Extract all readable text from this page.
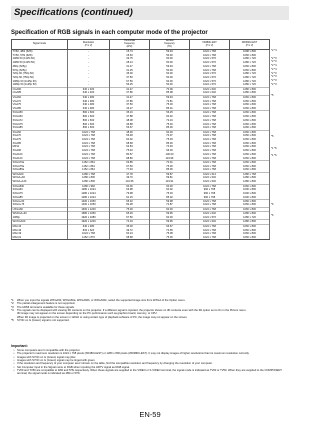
Specifications (continued)
Specification of RGB signals in each computer mode of the projector
Signal mode	Resolution
(H x V)	Horizontal
frequency
(kHz)	Vertical
frequency
(Hz)	XD380U-EST
(H x V)	WD380U-EST
(H x V)
TV60, 480i (525i)	-	15.73	59.94	1024 x 768	1098 x 800
TV50, 576i (625i)	-	15.63	50.00	1024 x 768	1066 x 800
1080i 60 (1125i 60)	-	33.75	60.00	1024 x 576	1280 x 720
1080i 50 (1125i 50)	-	28.13	50.00	1024 x 576	1280 x 720
480p (525p)	-	31.47	59.94	1024 x 768	1066 x 800
576p (625p)	-	31.25	50.00	1024 x 768	1066 x 800
720p 60 (750p 60)	-	45.00	60.00	1024 x 576	1280 x 720
720p 50 (750p 50)	-	37.50	50.00	1024 x 576	1280 x 720
1080p 60 (1125p 60)	-	67.50	60.00	1024 x 576	1280 x 720
1080p 50 (1125p 50)	-	56.25	50.00	1024 x 576	1280 x 720
CGA60	640 x 400	31.47	70.09	1024 x 640	1280 x 800
CGA85	640 x 400	37.86	85.08	1024 x 640	1280 x 800
VGA60	640 x 480	31.47	59.94	1024 x 768	1066 x 800
VGA72	640 x 480	37.86	72.81	1024 x 768	1066 x 800
VGA75	640 x 480	37.50	75.00	1024 x 768	1066 x 800
VGA85	640 x 480	43.27	85.01	1024 x 768	1066 x 800
SVGA56	800 x 600	35.16	56.25	1024 x 768	1066 x 800
SVGA60	800 x 600	37.88	60.32	1024 x 768	1066 x 800
SVGA72	800 x 600	48.08	72.19	1024 x 768	1066 x 800
SVGA75	800 x 600	46.88	75.00	1024 x 768	1066 x 800
SVGA85	800 x 600	53.67	85.06	1024 x 768	1066 x 800
XGA60	1024 x 768	48.36	60.00	1024 x 768	1066 x 800
XGA70	1024 x 768	56.48	70.07	1024 x 768	1066 x 800
XGA75	1024 x 768	60.02	75.03	1024 x 768	1066 x 800
XGA85	1024 x 768	68.68	85.00	1024 x 768	1066 x 800
MP11	1024 x 768	62.84	74.93	1024 x 768	1066 x 800
XGA96	1024 x 768	75.40	96.00	1024 x 768	1066 x 800
XGA100	1024 x 768	80.57	100.00	1024 x 768	1066 x 800
XGA120	1024 x 768	98.80	119.99	1024 x 768	1066 x 800
SXGA70a	1152 x 864	63.85	70.01	1024 x 768	1066 x 800
SXGA75a	1152 x 864	67.50	75.00	1024 x 768	1066 x 800
SXGA85a	1152 x 864	77.49	85.06	1024 x 768	1066 x 800
WXGA60	1280 x 768	47.78	59.87	1024 x 614	1280 x 768
WXGA+60	1280 x 800	49.70	59.81	1024 x 640	1280 x 800
WXGA+120	1280 x 800	101.56	119.91	1024 x 640	1280 x 800
SXGA60b	1280 x 960	60.00	60.00	1024 x 768	1066 x 800
SXGA60	1280 x 1024	63.98	60.02	960 x 768	1000 x 800
SXGA75	1280 x 1024	79.98	75.03	960 x 768	1000 x 800
SXGA85	1280 x 1024	91.15	85.02	960 x 768	1000 x 800
SXGA+60	1400 x 1050	65.32	59.98	1024 x 768	1066 x 800
SXGA+75	1400 x 1050	82.28	74.87	1024 x 768	1066 x 800
UXGA60	1600 x 1200	75.00	60.00	1024 x 768	1066 x 800
WSXGA+60	1680 x 1050	65.29	59.95	1024 x 640	1280 x 800
1080p	1920 x 1080	67.50	60.00	1024 x 576	1280 x 720
WUXGA60	1920 x 1200	74.04	59.95	1024 x 640	1280 x 800
MAC13	640 x 480	35.00	66.67	1024 x 768	1066 x 800
MAC16	832 x 624	49.72	74.55	1024 x 768	1066 x 800
MAC19	1024 x 768	60.24	75.08	1024 x 768	1066 x 800
MAC21	1152 x 870	68.68	75.06	1024 x 768	1066 x 800
*2 *4
*2 *3
*2 *3
*2 *4
*2 *4
*2 *3
*2 *3
*2 *3
*2 *3
*5
*5
*1 *6
*1 *6
*6
*6
*1:	When you input the signals WXGA60, WXGA60a, WXGA60b, or WXGA60c, select the supported image size from WXGA of the Option menu.
*2:	The partial enlargement feature is not supported.
*3:	The HDMI terminal is available for these signals.
*4:	The signals can be displayed with viewing 3D contents on the projector. If a different signal is inputted, the projector shows no 3D contents even with the 3D option set to On in the Picture menu.
3D image may not appear on the screen depending on the PC performance such as graphics board, memory, or CPU.
When 3D image is projected on the screen in 120Hz or using certain type of playback software of PC, the image may not appear on the screen.
*5:	SYNC on G (Green) signal is not supported.
Important:
• Some computers aren't compatible with the projector.
• The projector's maximum resolution is 1024 x 768 pixels (XD380U-EST) or 1280 x 800 pixels (WD380U-EST). It may not display images of higher resolutions than its maximum resolution correctly.
• Images with SYNC on G (Green) signal may jitter.
• Images with SYNC on G (Green) signal may be tinged with green.
• If the resolution and frequency of your computer aren't shown on the table, find the compatible resolution and frequency by changing the resolution of your computer.
• Set Computer input in the Signal menu to RGB when inputting the HDTV signal as RGB signal.
• TV60 and TV50 are compatible to 480i and 576i respectively. When these signals are supplied to the VIDEO or S-VIDEO terminal, the signal mode is indicated as TV60 or TV50. When they are supplied to the COMPONENT terminal, the signal mode is indicated as 480i or 576i.
EN-59
